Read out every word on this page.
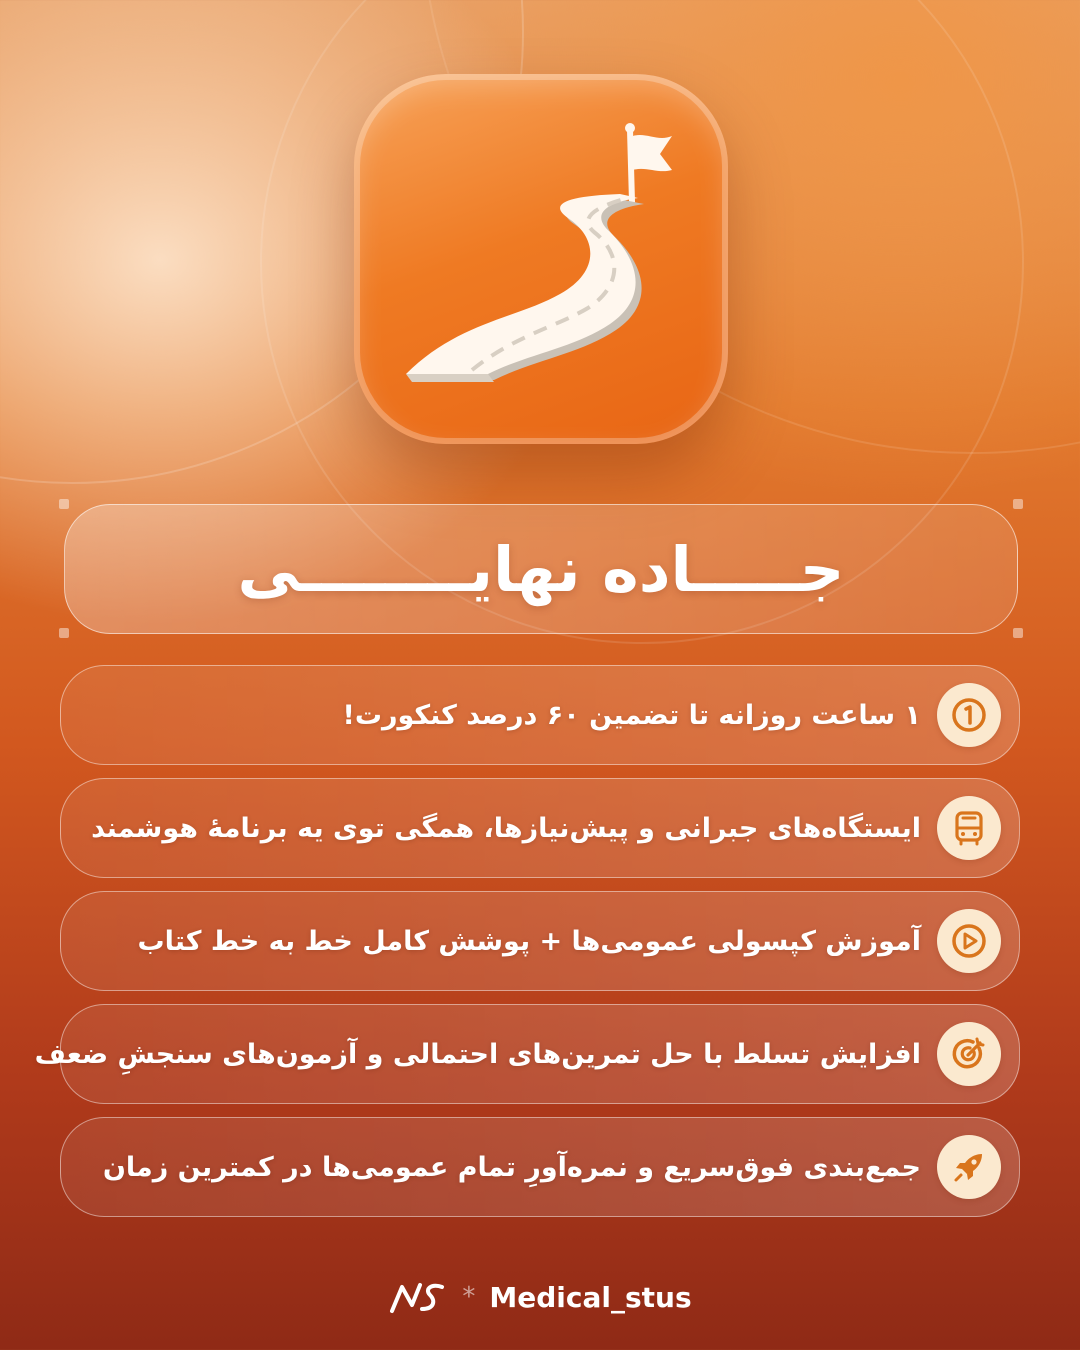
جـــــاده نهایــــــــی
۱ ساعت روزانه تا تضمین ۶۰ درصد کنکورت!
ایستگاه‌های جبرانی و پیش‌نیازها، همگی توی یه برنامهٔ هوشمند
آموزش کپسولی عمومی‌ها + پوشش کامل خط به خط کتاب
افزایش تسلط با حل تمرین‌های احتمالی و آزمون‌های سنجشِ ضعف
جمع‌بندی فوق‌سریع و نمره‌آورِ تمام عمومی‌ها در کمترین زمان
* Medical_stus
